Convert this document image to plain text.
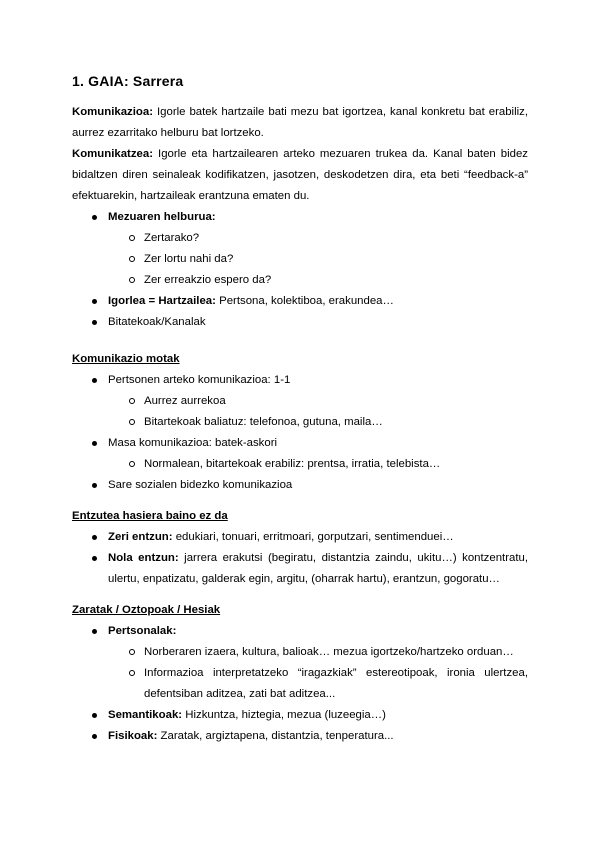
1. GAIA: Sarrera

Komunikazioa: Igorle batek hartzaile bati mezu bat igortzea, kanal konkretu bat erabiliz, aurrez ezarritako helburu bat lortzeko.

Komunikatzea: Igorle eta hartzailearen arteko mezuaren trukea da. Kanal baten bidez bidaltzen diren seinaleak kodifikatzen, jasotzen, deskodetzen dira, eta beti “feedback-a” efektuarekin, hartzaileak erantzuna ematen du.

Mezuaren helburua:
Zertarako?
Zer lortu nahi da?
Zer erreakzio espero da?
Igorlea = Hartzailea: Pertsona, kolektiboa, erakundea…
Bitatekoak/Kanalak

Komunikazio motak

Pertsonen arteko komunikazioa: 1-1
Aurrez aurrekoa
Bitartekoak baliatuz: telefonoa, gutuna, maila…
Masa komunikazioa: batek-askori
Normalean, bitartekoak erabiliz: prentsa, irratia, telebista…
Sare sozialen bidezko komunikazioa

Entzutea hasiera baino ez da

Zeri entzun: edukiari, tonuari, erritmoari, gorputzari, sentimenduei…
Nola entzun: jarrera erakutsi (begiratu, distantzia zaindu, ukitu…) kontzentratu, ulertu, enpatizatu, galderak egin, argitu, (oharrak hartu), erantzun, gogoratu…

Zaratak / Oztopoak / Hesiak

Pertsonalak:
Norberaren izaera, kultura, balioak… mezua igortzeko/hartzeko orduan…
Informazioa interpretatzeko “iragazkiak” estereotipoak, ironia ulertzea, defentsiban aditzea, zati bat aditzea...
Semantikoak: Hizkuntza, hiztegia, mezua (luzeegia…)
Fisikoak: Zaratak, argiztapena, distantzia, tenperatura...
